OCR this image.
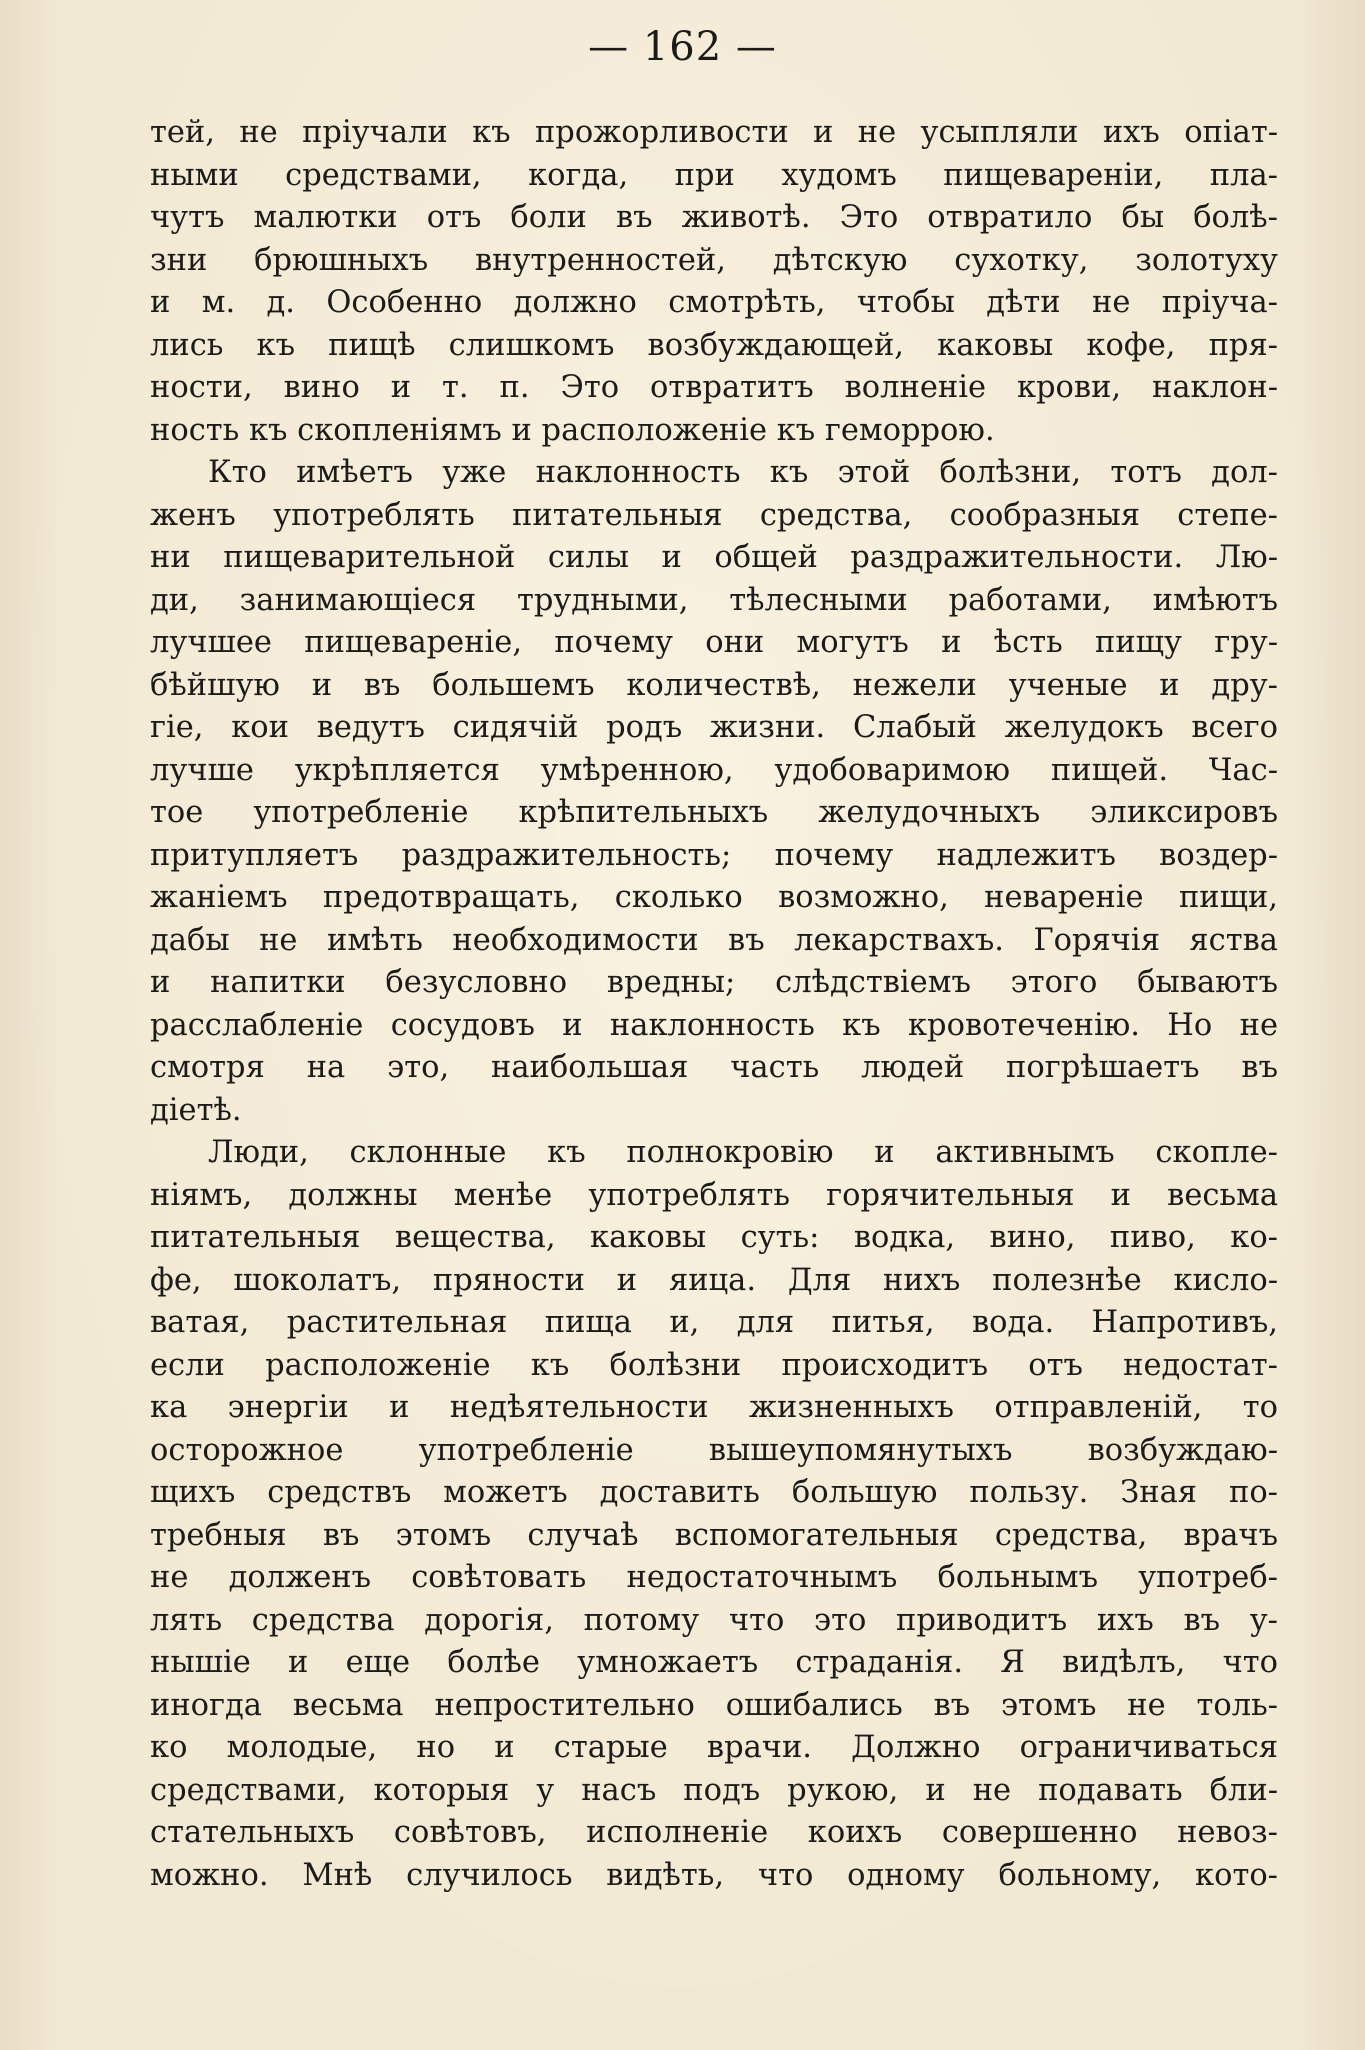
— 162 —
тей, не пріучали къ прожорливости и не усыпляли ихъ опіат-
ными средствами, когда, при худомъ пищевареніи, пла-
чутъ малютки отъ боли въ животѣ. Это отвратило бы болѣ-
зни брюшныхъ внутренностей, дѣтскую сухотку, золотуху
и м. д. Особенно должно смотрѣть, чтобы дѣти не пріуча-
лись къ пищѣ слишкомъ возбуждающей, каковы кофе, пря-
ности, вино и т. п. Это отвратитъ волненіе крови, наклон-
ность къ скопленіямъ и расположеніе къ геморрою.
Кто имѣетъ уже наклонность къ этой болѣзни, тотъ дол-
женъ употреблять питательныя средства, сообразныя степе-
ни пищеварительной силы и общей раздражительности. Лю-
ди, занимающіеся трудными, тѣлесными работами, имѣютъ
лучшее пищевареніе, почему они могутъ и ѣсть пищу гру-
бѣйшую и въ большемъ количествѣ, нежели ученые и дру-
гіе, кои ведутъ сидячій родъ жизни. Слабый желудокъ всего
лучше укрѣпляется умѣренною, удобоваримою пищей. Час-
тое употребленіе крѣпительныхъ желудочныхъ эликсировъ
притупляетъ раздражительность; почему надлежитъ воздер-
жаніемъ предотвращать, сколько возможно, невареніе пищи,
дабы не имѣть необходимости въ лекарствахъ. Горячія яства
и напитки безусловно вредны; слѣдствіемъ этого бываютъ
расслабленіе сосудовъ и наклонность къ кровотеченію. Но не
смотря на это, наибольшая часть людей погрѣшаетъ въ
діетѣ.
Люди, склонные къ полнокровію и активнымъ скопле-
ніямъ, должны менѣе употреблять горячительныя и весьма
питательныя вещества, каковы суть: водка, вино, пиво, ко-
фе, шоколатъ, пряности и яица. Для нихъ полезнѣе кисло-
ватая, растительная пища и, для питья, вода. Напротивъ,
если расположеніе къ болѣзни происходитъ отъ недостат-
ка энергіи и недѣятельности жизненныхъ отправленій, то
осторожное употребленіе вышеупомянутыхъ возбуждаю-
щихъ средствъ можетъ доставить большую пользу. Зная по-
требныя въ этомъ случаѣ вспомогательныя средства, врачъ
не долженъ совѣтовать недостаточнымъ больнымъ употреб-
лять средства дорогія, потому что это приводитъ ихъ въ у-
нышіе и еще болѣе умножаетъ страданія. Я видѣлъ, что
иногда весьма непростительно ошибались въ этомъ не толь-
ко молодые, но и старые врачи. Должно ограничиваться
средствами, которыя у насъ подъ рукою, и не подавать бли-
стательныхъ совѣтовъ, исполненіе коихъ совершенно невоз-
можно. Мнѣ случилось видѣть, что одному больному, кото-
